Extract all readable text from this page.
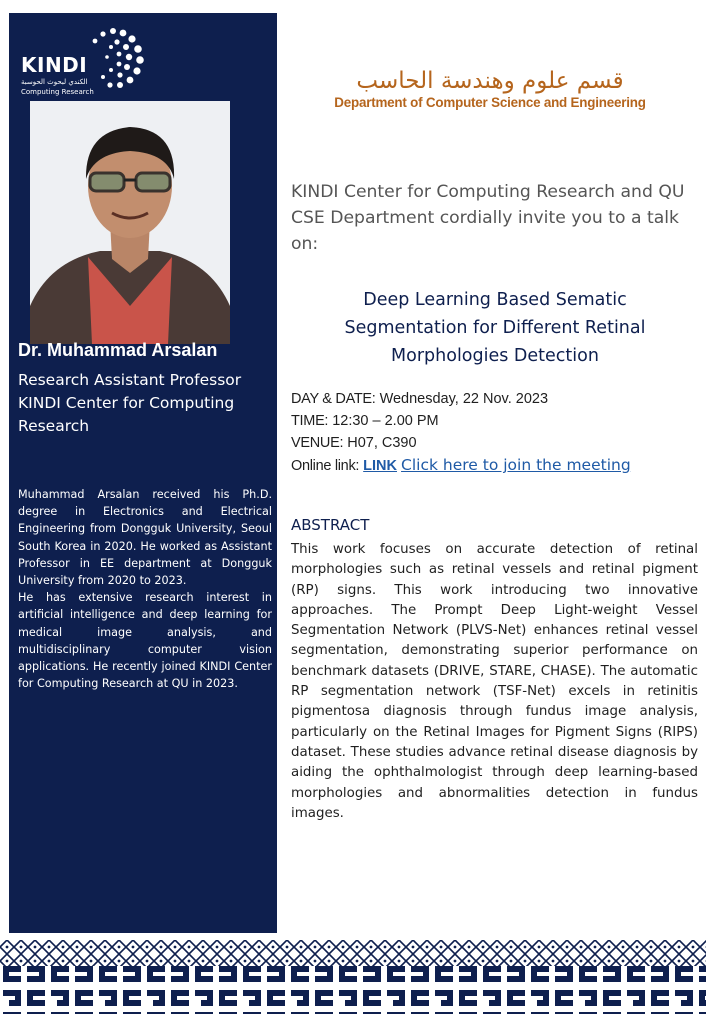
KINDI
الكندي لبحوث الحوسبة
Computing Research
Dr. Muhammad Arsalan
Research Assistant Professor
KINDI Center for Computing Research

Muhammad Arsalan received his Ph.D. degree in Electronics and Electrical Engineering from Dongguk University, Seoul South Korea in 2020. He worked as Assistant Professor in EE department at Dongguk University from 2020 to 2023.

He has extensive research interest in artificial intelligence and deep learning for medical image analysis, and multidisciplinary computer vision applications. He recently joined KINDI Center for Computing Research at QU in 2023.

قسم علوم وهندسة الحاسب
Department of Computer Science and Engineering
KINDI Center for Computing Research and QU CSE Department cordially invite you to a talk on:
Deep Learning Based Sematic Segmentation for Different Retinal Morphologies Detection
DAY & DATE: Wednesday, 22 Nov. 2023
TIME: 12:30 – 2.00 PM
VENUE: H07, C390
Online link: LINK Click here to join the meeting
ABSTRACT

This work focuses on accurate detection of retinal morphologies such as retinal vessels and retinal pigment (RP) signs. This work introducing two innovative approaches. The Prompt Deep Light-weight Vessel Segmentation Network (PLVS-Net) enhances retinal vessel segmentation, demonstrating superior performance on benchmark datasets (DRIVE, STARE, CHASE). The automatic RP segmentation network (TSF-Net) excels in retinitis pigmentosa diagnosis through fundus image analysis, particularly on the Retinal Images for Pigment Signs (RIPS) dataset. These studies advance retinal disease diagnosis by aiding the ophthalmologist through deep learning-based morphologies and abnormalities detection in fundus images.
